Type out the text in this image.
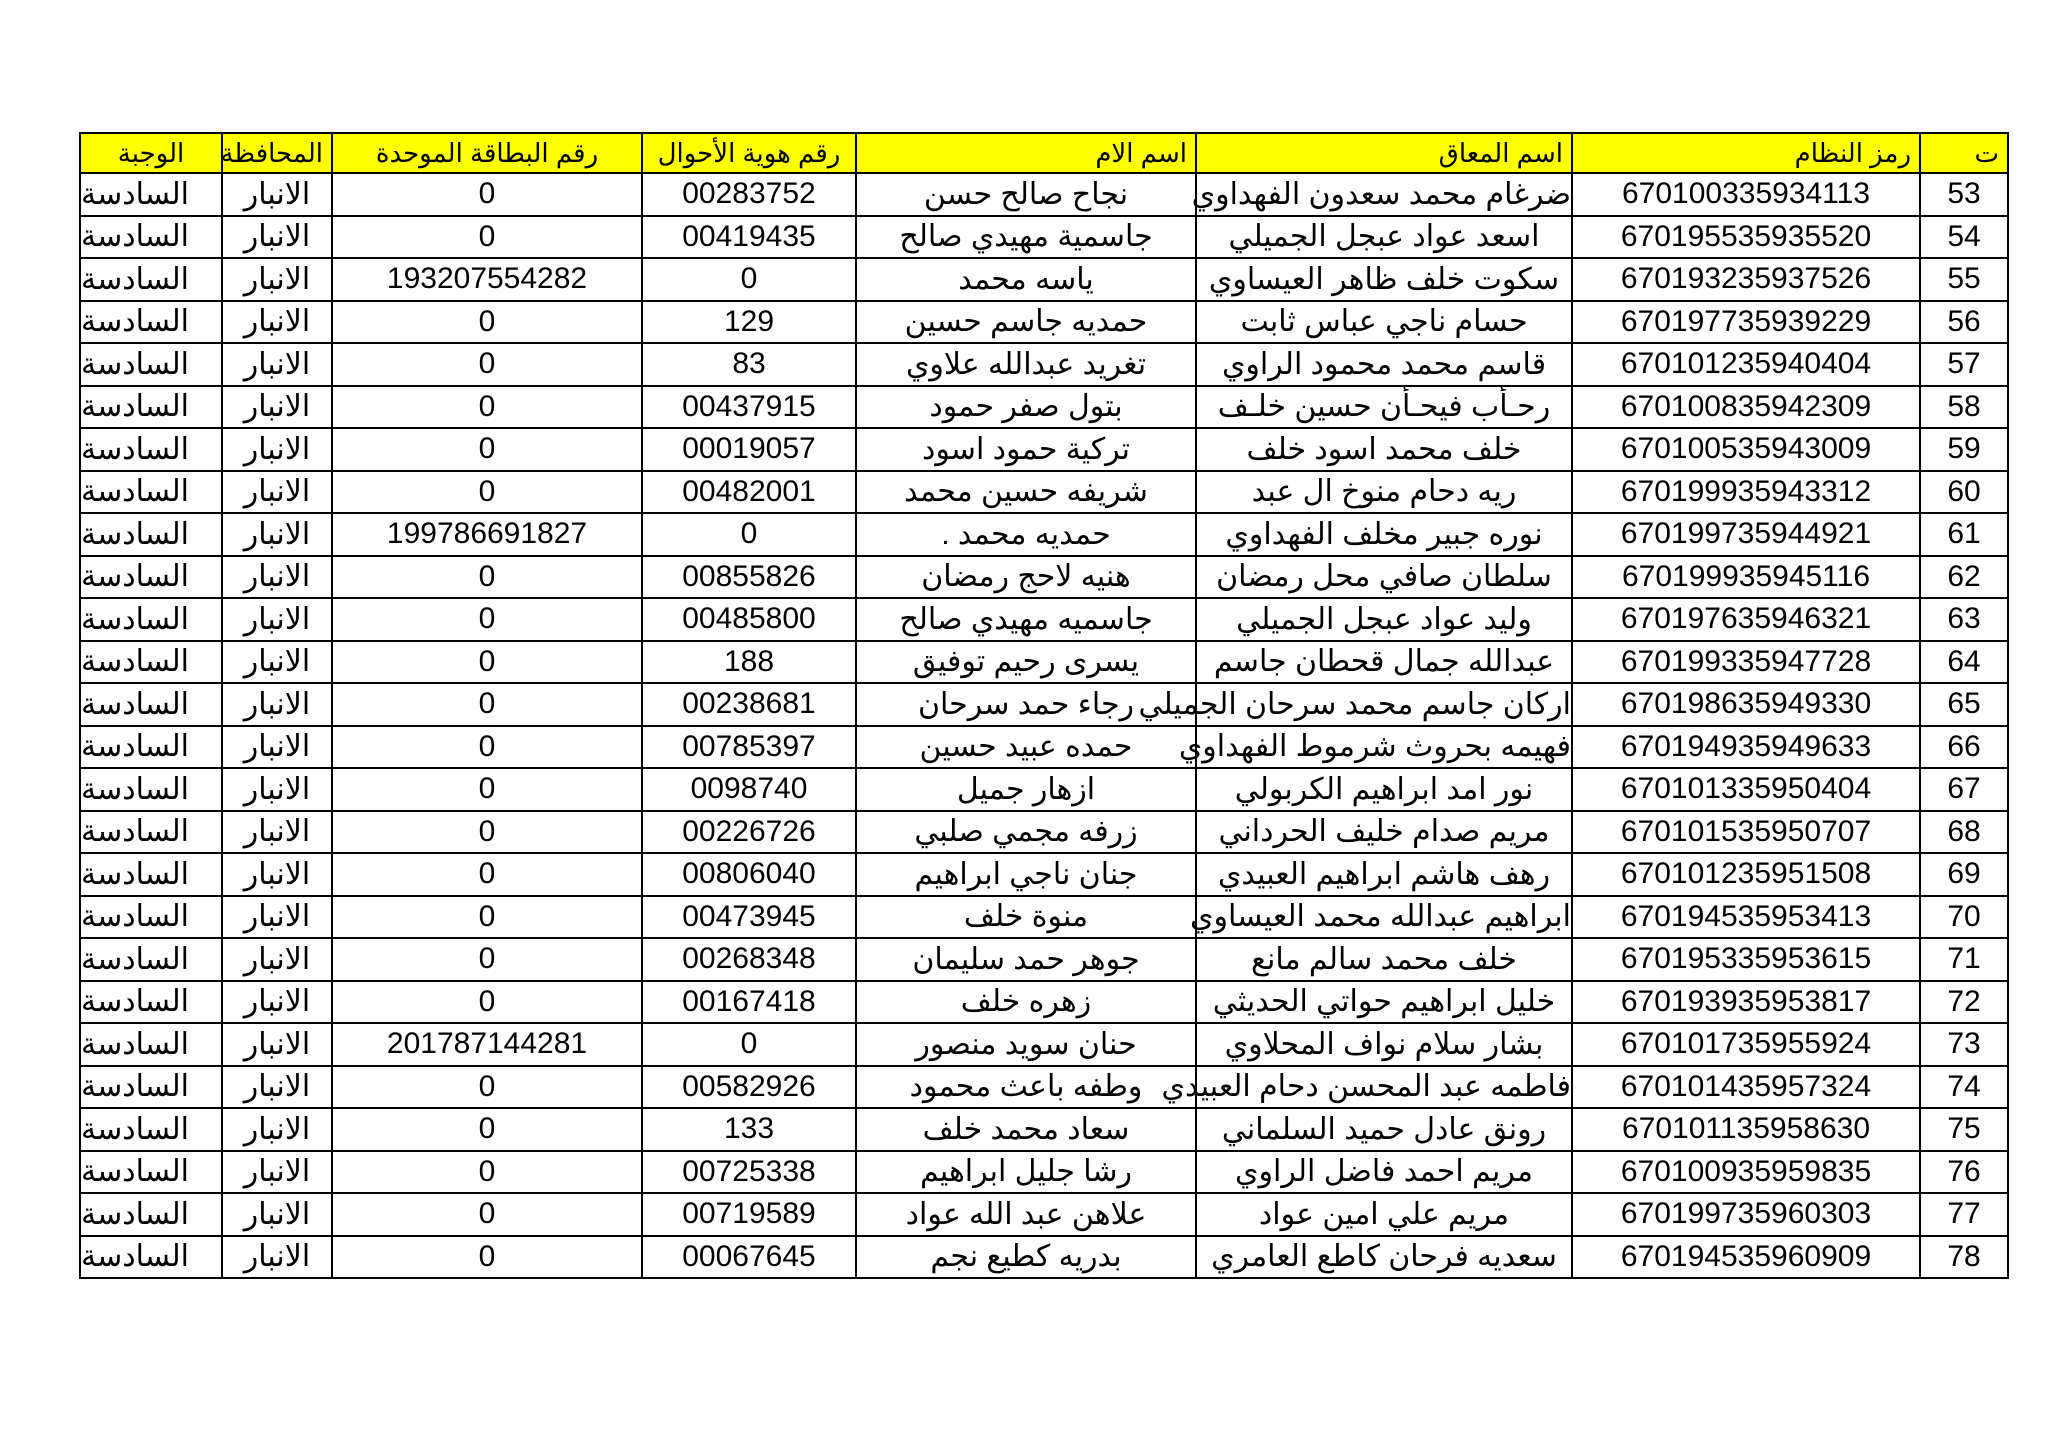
ت	رمز النظام	اسم المعاق	اسم الام	رقم هوية الأحوال	رقم البطاقة الموحدة	المحافظة	الوجبة
53	670100335934113	ضرغام محمد سعدون الفهداوي	نجاح صالح حسن	00283752	0	الانبار	السادسة
54	670195535935520	اسعد عواد عبجل الجميلي	جاسمية مهيدي صالح	00419435	0	الانبار	السادسة
55	670193235937526	سكوت خلف ظاهر العيساوي	ياسه محمد	0	193207554282	الانبار	السادسة
56	670197735939229	حسام ناجي عباس ثابت	حمديه جاسم حسين	129	0	الانبار	السادسة
57	670101235940404	قاسم محمد محمود الراوي	تغريد عبدالله علاوي	83	0	الانبار	السادسة
58	670100835942309	رحـأب فيحـأن حسين خلـف	بتول صفر حمود	00437915	0	الانبار	السادسة
59	670100535943009	خلف محمد اسود خلف	تركية حمود اسود	00019057	0	الانبار	السادسة
60	670199935943312	ريه دحام منوخ ال عبد	شريفه حسين محمد	00482001	0	الانبار	السادسة
61	670199735944921	نوره جبير مخلف الفهداوي	حمديه محمد .	0	199786691827	الانبار	السادسة
62	670199935945116	سلطان صافي محل رمضان	هنيه لاحج رمضان	00855826	0	الانبار	السادسة
63	670197635946321	وليد عواد عبجل الجميلي	جاسميه مهيدي صالح	00485800	0	الانبار	السادسة
64	670199335947728	عبدالله جمال قحطان جاسم	يسرى رحيم توفيق	188	0	الانبار	السادسة
65	670198635949330	اركان جاسم محمد سرحان الجميلي	رجاء حمد سرحان	00238681	0	الانبار	السادسة
66	670194935949633	فهيمه بحروث شرموط الفهداوي	حمده عبيد حسين	00785397	0	الانبار	السادسة
67	670101335950404	نور امد ابراهيم الكربولي	ازهار جميل	0098740	0	الانبار	السادسة
68	670101535950707	مريم صدام خليف الحرداني	زرفه مجمي صلبي	00226726	0	الانبار	السادسة
69	670101235951508	رهف هاشم ابراهيم العبيدي	جنان ناجي ابراهيم	00806040	0	الانبار	السادسة
70	670194535953413	ابراهيم عبدالله محمد العيساوي	منوة خلف	00473945	0	الانبار	السادسة
71	670195335953615	خلف محمد سالم مانع	جوهر حمد سليمان	00268348	0	الانبار	السادسة
72	670193935953817	خليل ابراهيم حواتي الحديثي	زهره خلف	00167418	0	الانبار	السادسة
73	670101735955924	بشار سلام نواف المحلاوي	حنان سويد منصور	0	201787144281	الانبار	السادسة
74	670101435957324	فاطمه عبد المحسن دحام العبيدي	وطفه باعث محمود	00582926	0	الانبار	السادسة
75	670101135958630	رونق عادل حميد السلماني	سعاد محمد خلف	133	0	الانبار	السادسة
76	670100935959835	مريم احمد فاضل الراوي	رشا جليل ابراهيم	00725338	0	الانبار	السادسة
77	670199735960303	مريم علي امين عواد	علاهن عبد الله عواد	00719589	0	الانبار	السادسة
78	670194535960909	سعديه فرحان كاطع العامري	بدريه كطيع نجم	00067645	0	الانبار	السادسة
